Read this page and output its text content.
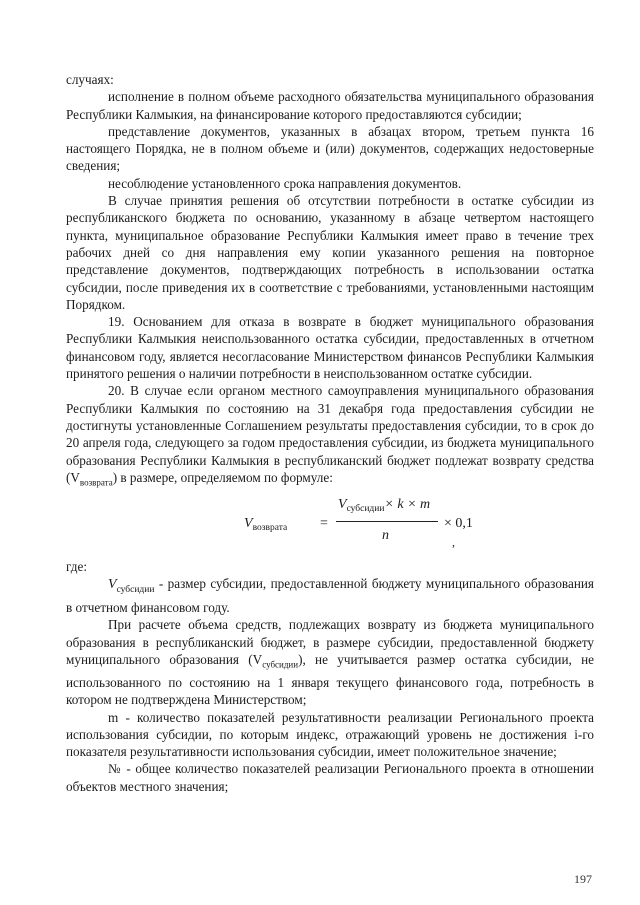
случаях:

исполнение в полном объеме расходного обязательства муниципального образования Республики Калмыкия, на финансирование которого предоставляются субсидии;

представление документов, указанных в абзацах втором, третьем пункта 16 настоящего Порядка, не в полном объеме и (или) документов, содержащих недостоверные сведения;

несоблюдение установленного срока направления документов.

В случае принятия решения об отсутствии потребности в остатке субсидии из республиканского бюджета по основанию, указанному в абзаце четвертом настоящего пункта, муниципальное образование Республики Калмыкия имеет право в течение трех рабочих дней со дня направления ему копии указанного решения на повторное представление документов, подтверждающих потребность в использовании остатка субсидии, после приведения их в соответствие с требованиями, установленными настоящим Порядком.

19. Основанием для отказа в возврате в бюджет муниципального образования Республики Калмыкия неиспользованного остатка субсидии, предоставленных в отчетном финансовом году, является несогласование Министерством финансов Республики Калмыкия принятого решения о наличии потребности в неиспользованном остатке субсидии.

20. В случае если органом местного самоуправления муниципального образования Республики Калмыкия по состоянию на 31 декабря года предоставления субсидии не достигнуты установленные Соглашением результаты предоставления субсидии, то в срок до 20 апреля года, следующего за годом предоставления субсидии, из бюджета муниципального образования Республики Калмыкия в республиканский бюджет подлежат возврату средства $(V_{возврата})$ в размере, определяемом по формуле:

$V_{возврата}$ =
$V_{субсидии}\times k \times m$
n
× 0,1
,

где:

$V_{субсидии}$ - размер субсидии, предоставленной бюджету муниципального образования в отчетном финансовом году.

При расчете объема средств, подлежащих возврату из бюджета муниципального образования в республиканский бюджет, в размере субсидии, предоставленной бюджету муниципального образования $(V_{субсидии})$, не учитывается размер остатка субсидии, не использованного по состоянию на 1 января текущего финансового года, потребность в котором не подтверждена Министерством;

m - количество показателей результативности реализации Регионального проекта использования субсидии, по которым индекс, отражающий уровень не достижения i-го показателя результативности использования субсидии, имеет положительное значение;

№ - общее количество показателей реализации Регионального проекта в отношении объектов местного значения;

197
